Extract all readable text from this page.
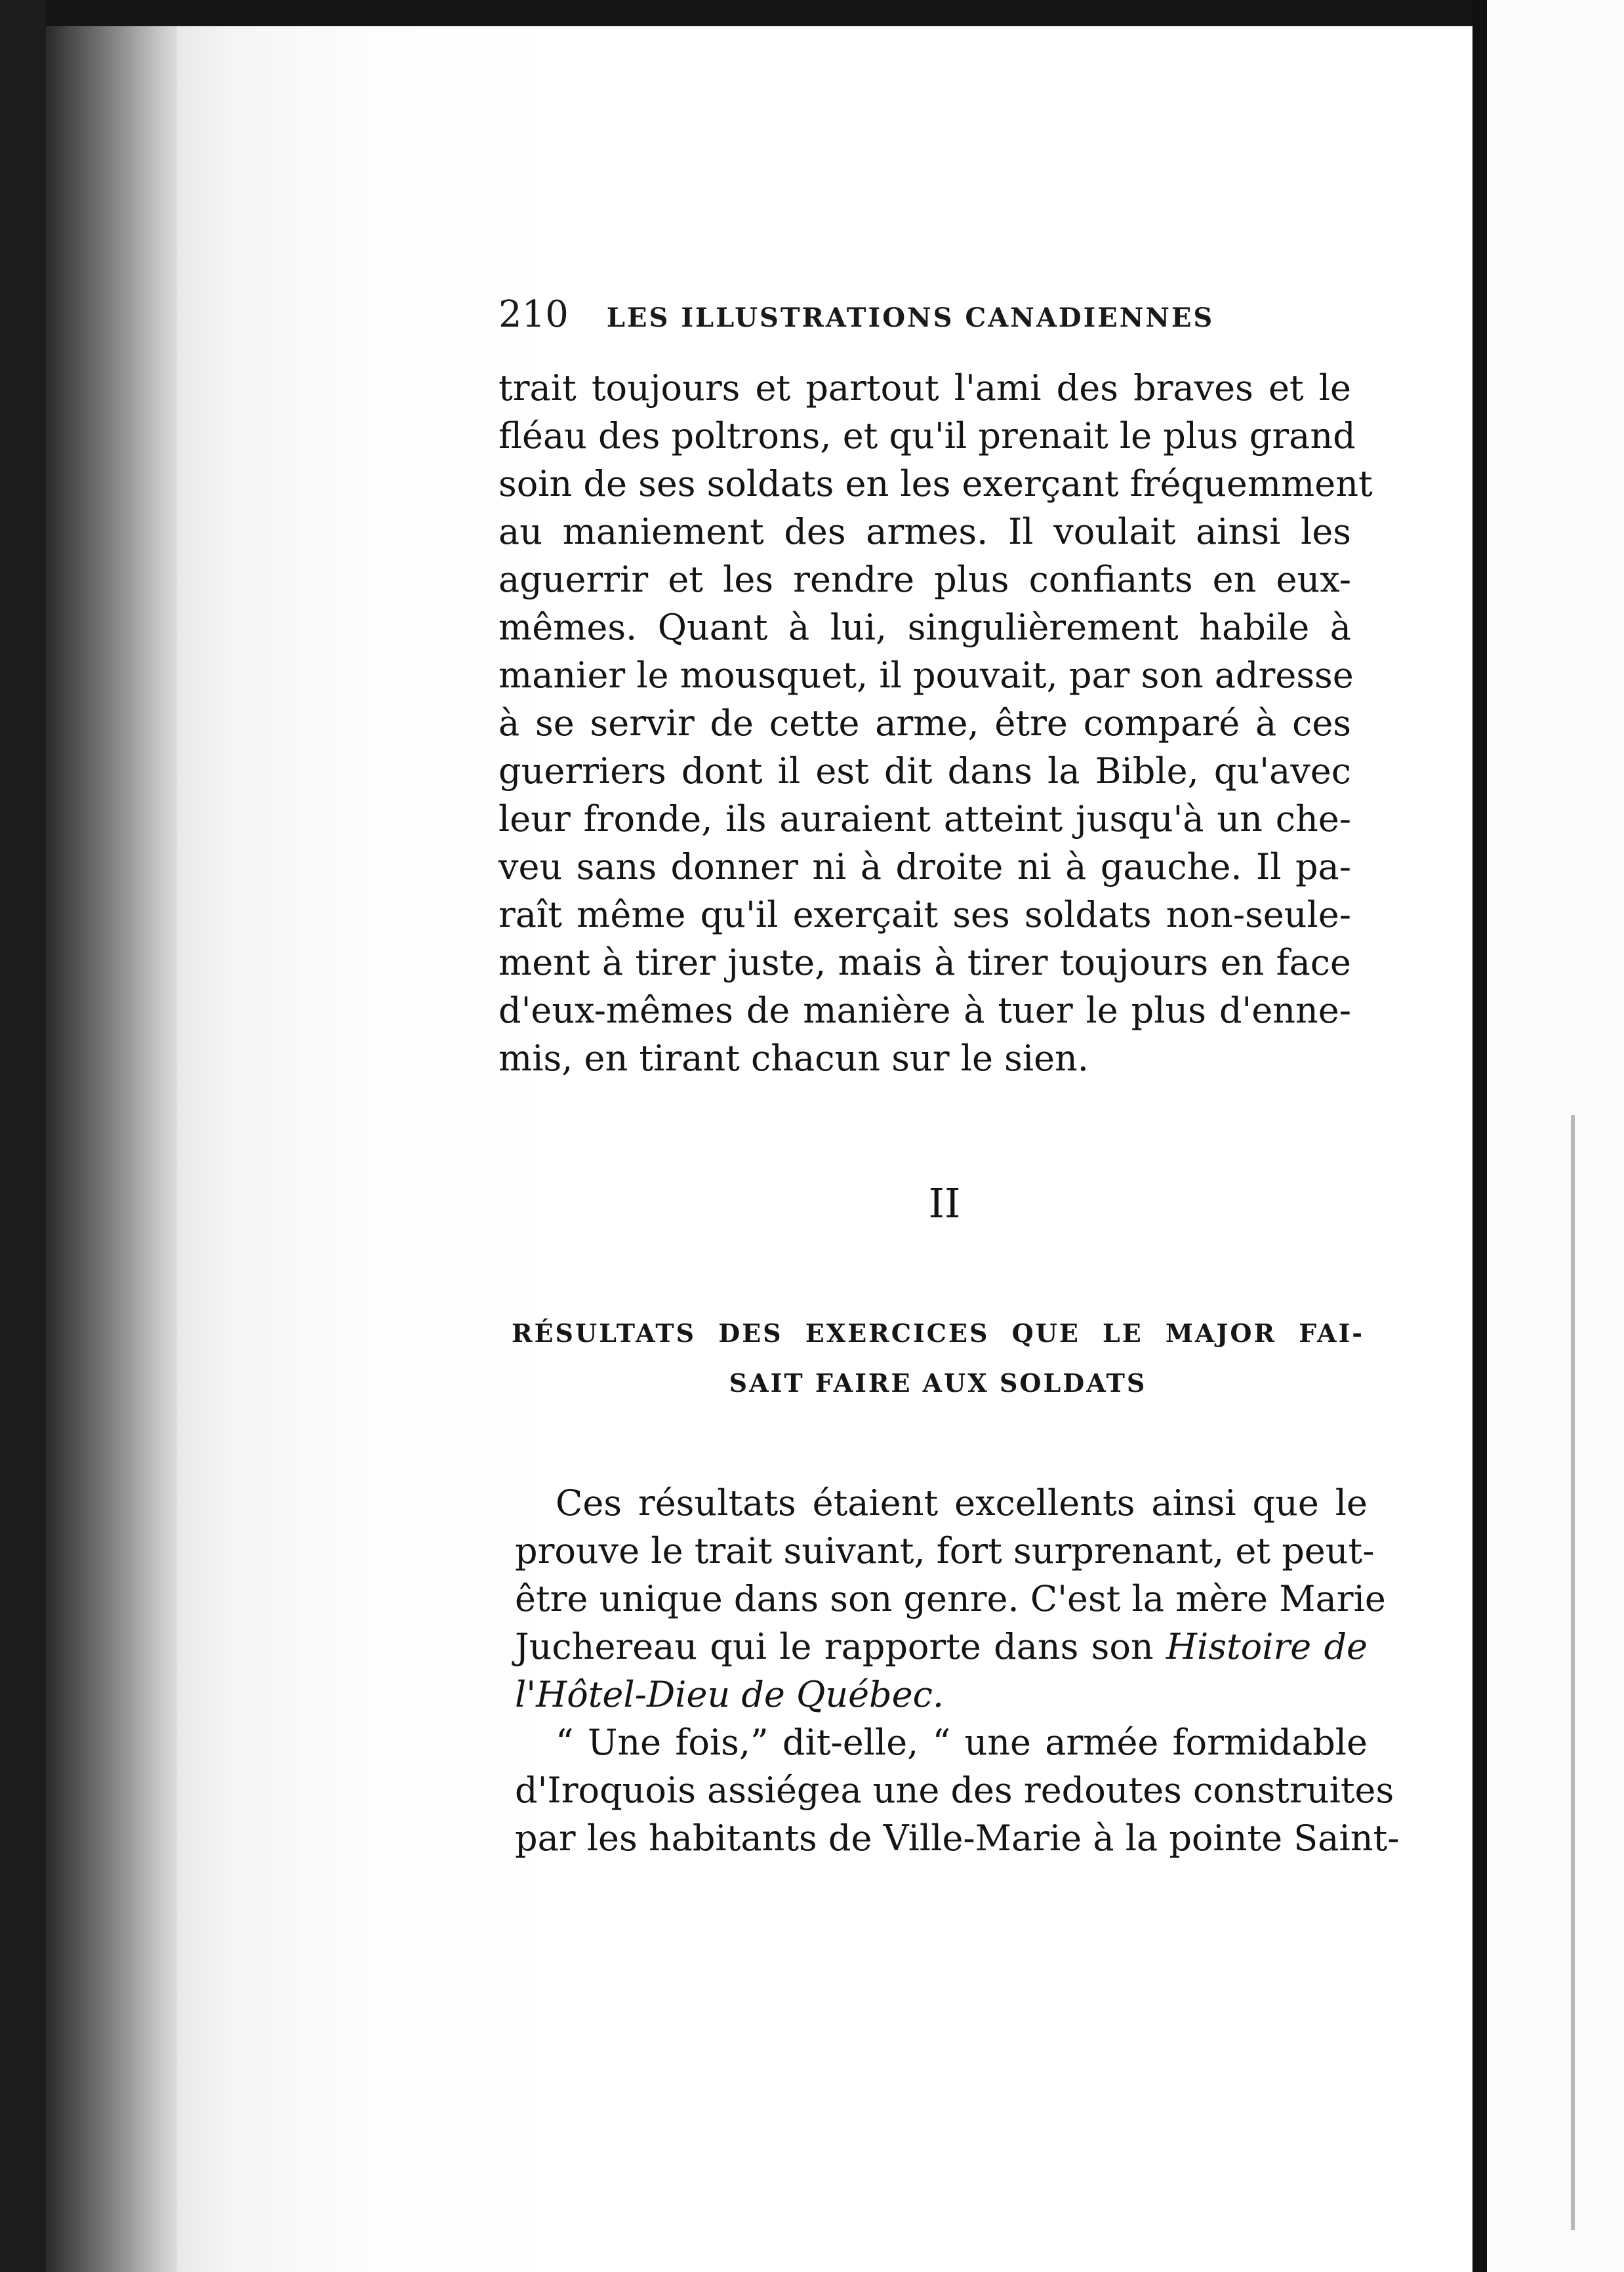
210 LES ILLUSTRATIONS CANADIENNES
trait toujours et partout l'ami des braves et le
fléau des poltrons, et qu'il prenait le plus grand
soin de ses soldats en les exerçant fréquemment
au maniement des armes. Il voulait ainsi les
aguerrir et les rendre plus confiants en eux-
mêmes. Quant à lui, singulièrement habile à
manier le mousquet, il pouvait, par son adresse
à se servir de cette arme, être comparé à ces
guerriers dont il est dit dans la Bible, qu'avec
leur fronde, ils auraient atteint jusqu'à un che-
veu sans donner ni à droite ni à gauche. Il pa-
raît même qu'il exerçait ses soldats non-seule-
ment à tirer juste, mais à tirer toujours en face
d'eux-mêmes de manière à tuer le plus d'enne-
mis, en tirant chacun sur le sien.
II
RÉSULTATS DES EXERCICES QUE LE MAJOR FAI-
SAIT FAIRE AUX SOLDATS
Ces résultats étaient excellents ainsi que le
prouve le trait suivant, fort surprenant, et peut-
être unique dans son genre. C'est la mère Marie
Juchereau qui le rapporte dans son Histoire de
l'Hôtel-Dieu de Québec.
“ Une fois,” dit-elle, “ une armée formidable
d'Iroquois assiégea une des redoutes construites
par les habitants de Ville-Marie à la pointe Saint-
